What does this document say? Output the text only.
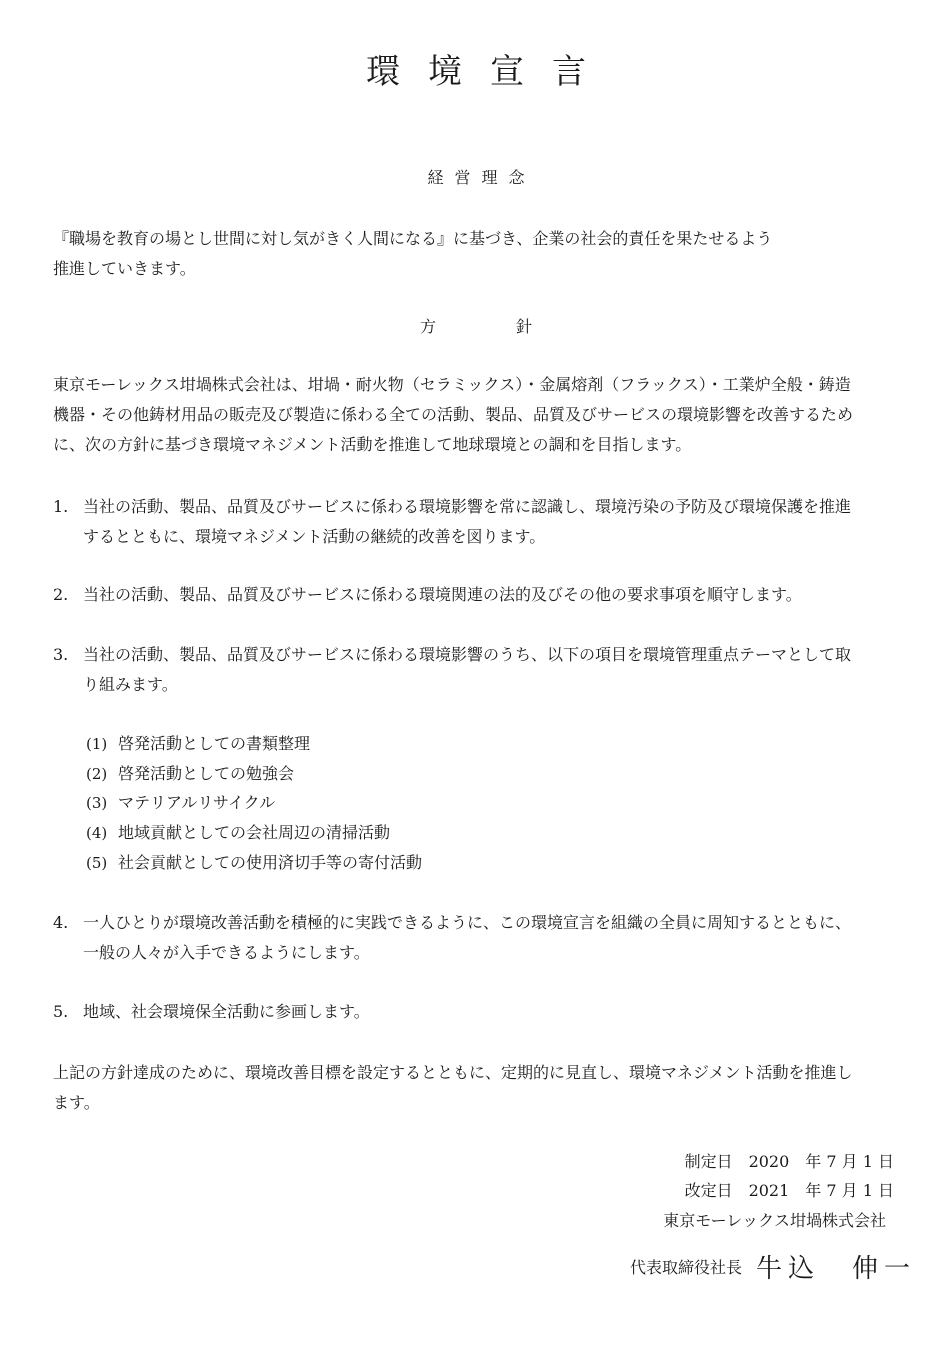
環境宣言
経営理念
『職場を教育の場とし世間に対し気がきく人間になる』に基づき、企業の社会的責任を果たせるよう
推進していきます。
方針
東京モーレックス坩堝株式会社は、坩堝・耐火物（セラミックス）・金属熔剤（フラックス）・工業炉全般・鋳造
機器・その他鋳材用品の販売及び製造に係わる全ての活動、製品、品質及びサービスの環境影響を改善するため
に、次の方針に基づき環境マネジメント活動を推進して地球環境との調和を目指します。
1. 当社の活動、製品、品質及びサービスに係わる環境影響を常に認識し、環境汚染の予防及び環境保護を推進
するとともに、環境マネジメント活動の継続的改善を図ります。
2. 当社の活動、製品、品質及びサービスに係わる環境関連の法的及びその他の要求事項を順守します。
3. 当社の活動、製品、品質及びサービスに係わる環境影響のうち、以下の項目を環境管理重点テーマとして取
り組みます。
(1) 啓発活動としての書類整理
(2) 啓発活動としての勉強会
(3) マテリアルリサイクル
(4) 地域貢献としての会社周辺の清掃活動
(5) 社会貢献としての使用済切手等の寄付活動
4. 一人ひとりが環境改善活動を積極的に実践できるように、この環境宣言を組織の全員に周知するとともに、
一般の人々が入手できるようにします。
5. 地域、社会環境保全活動に参画します。
上記の方針達成のために、環境改善目標を設定するとともに、定期的に見直し、環境マネジメント活動を推進し
ます。
制定日　2020　年 7 月 1 日
改定日　2021　年 7 月 1 日
東京モーレックス坩堝株式会社
代表取締役社長 牛込　伸一
